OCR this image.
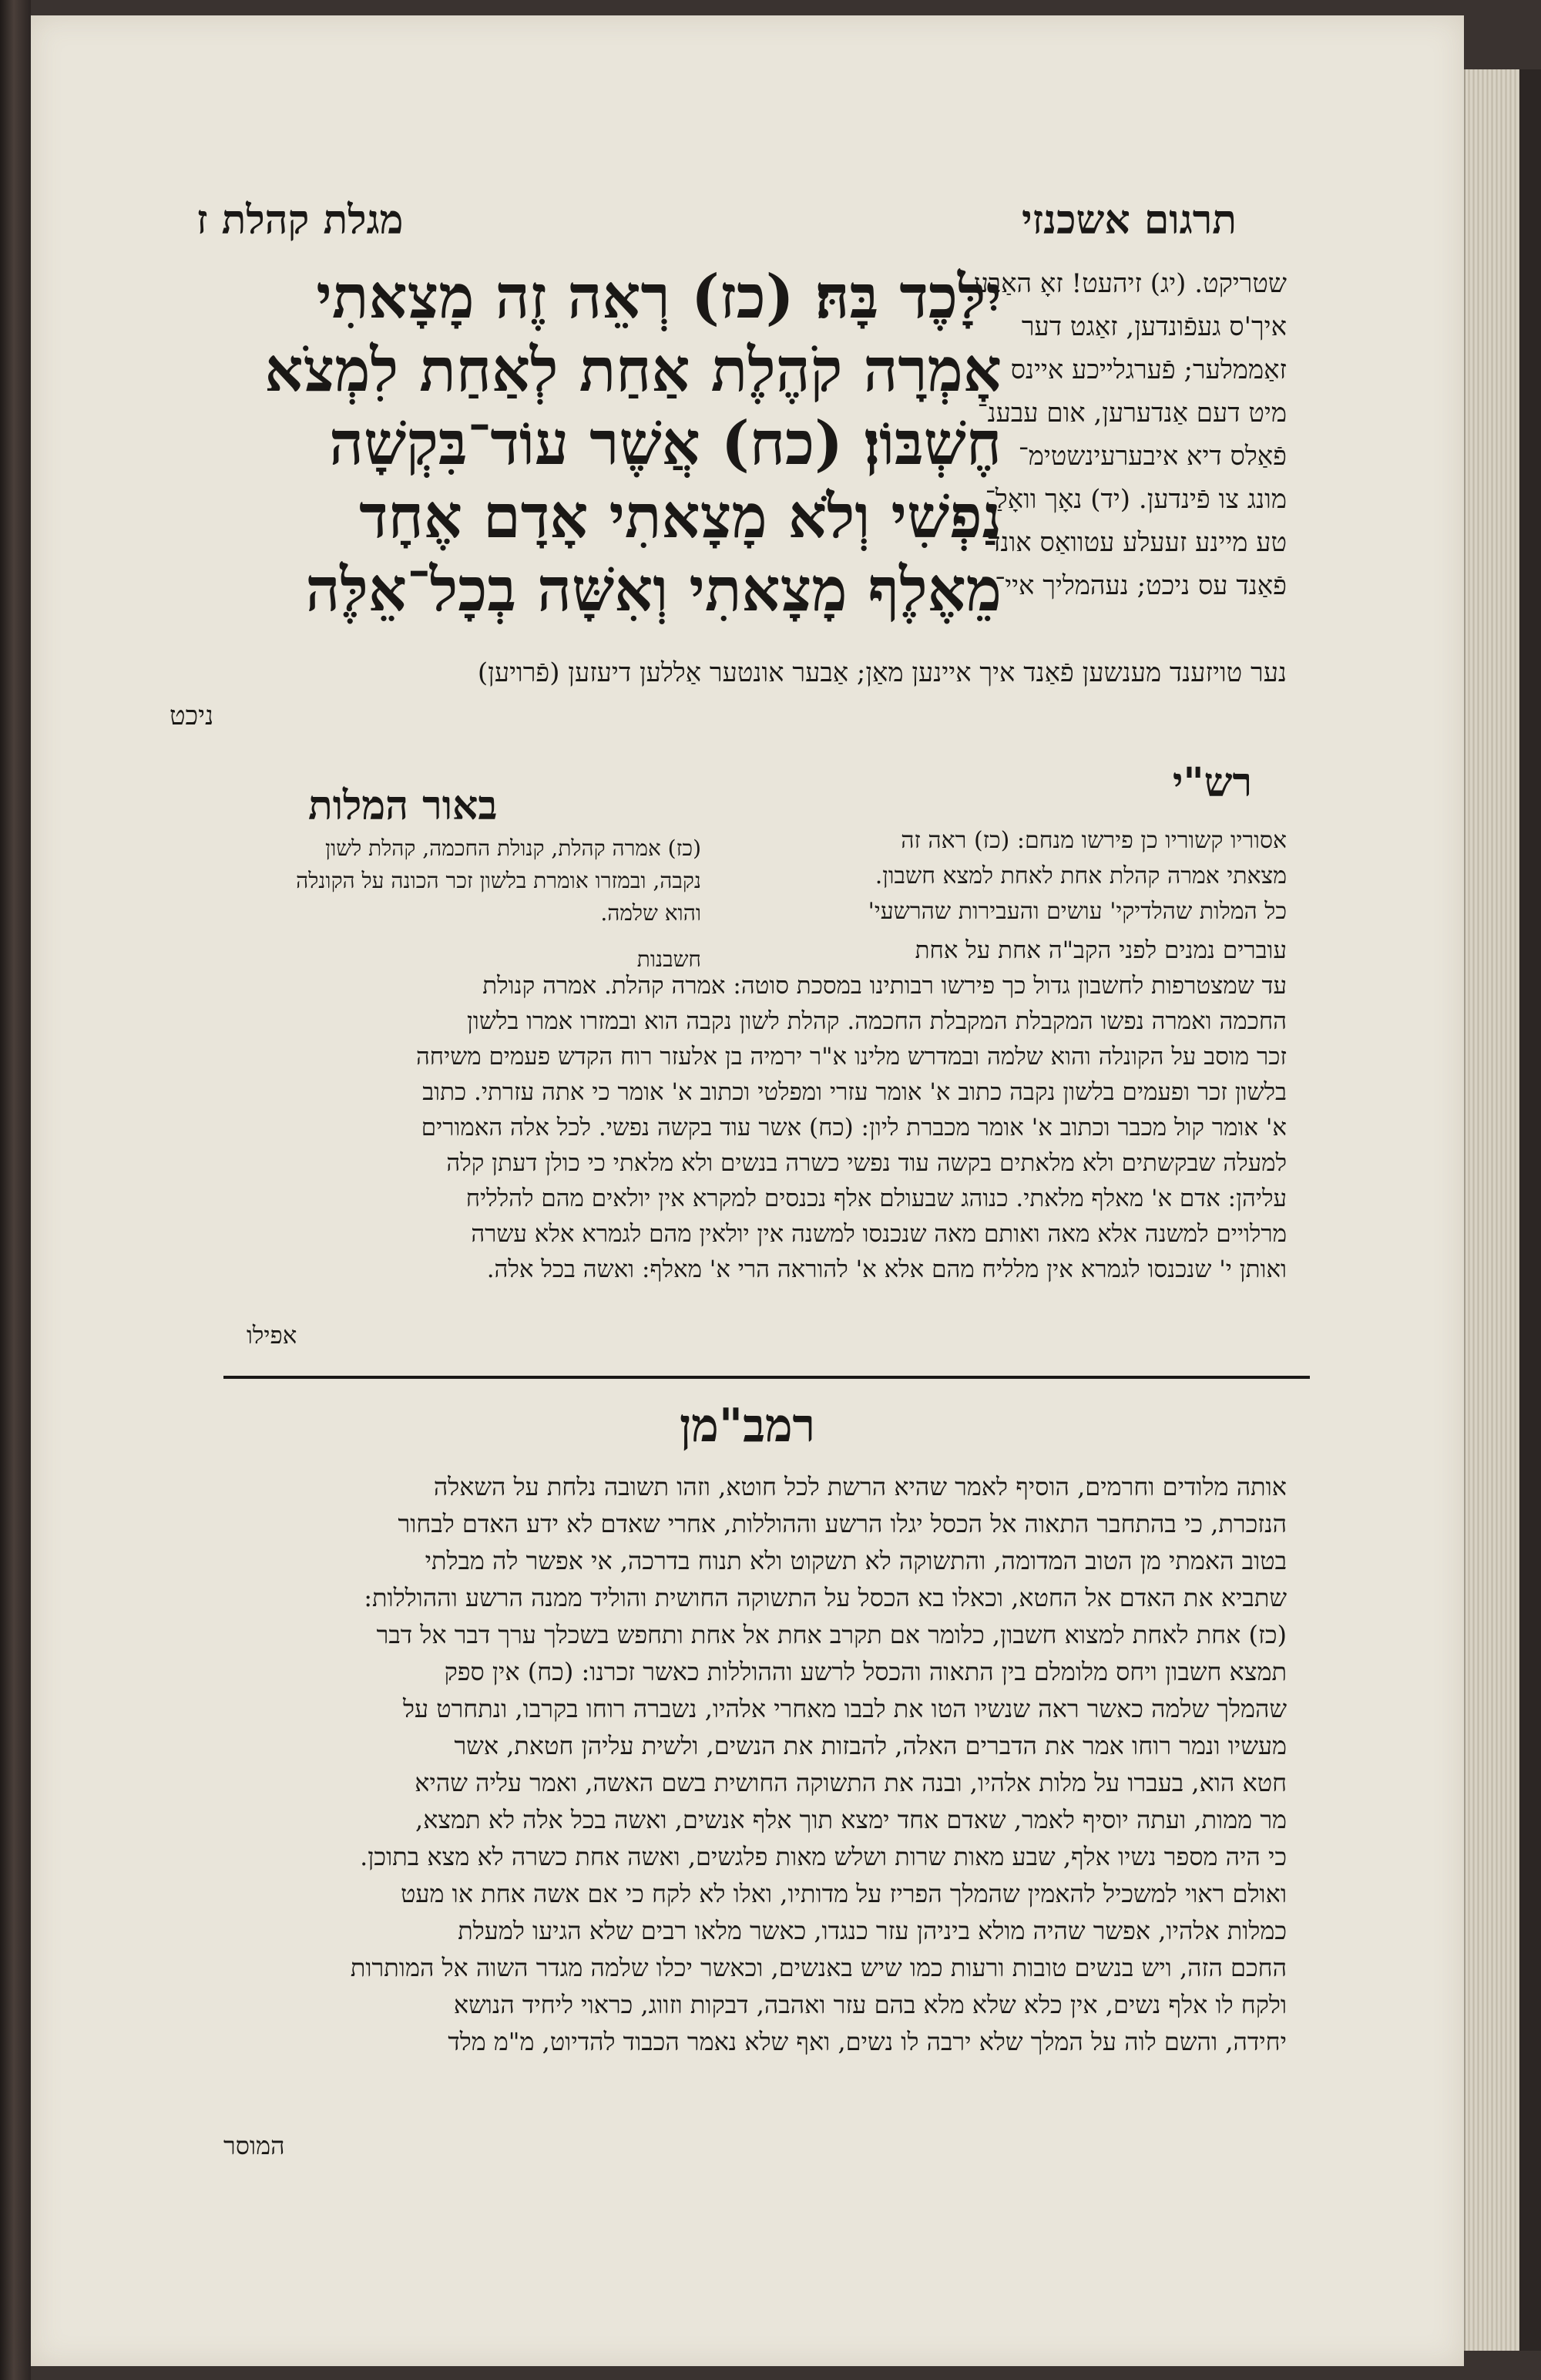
תרגום אשכנזי
מגלת קהלת ז

שטריקט. (יג) זיהעט! זאָ האַבע

איך'ס געפֿונדען, זאַגט דער

זאַממלער; פֿערגלייכע איינס

מיט דעם אַנדערען, אום עבענ־

פֿאַלס דיא איבערעינשטימ־

מונג צו פֿינדען. (יד) נאָך וואָלַ־

טע מיינע זעעלע עטוואַס אונד

פֿאַנד עס ניכט; נעהמליך איי־

יִלָּכֶד בָּהּ׃ (כז) רְאֵה זֶה מָצָאתִי

אָמְרָה קֹהֶלֶת אַחַת לְאַחַת לִמְצֹא

חֶשְׁבּוֹן׃ (כח) אֲשֶׁר עוֹד־בִּקְשָׁה

נַפְשִׁי וְלֹא מָצָאתִי אָדָם אֶחָד

מֵאֶלֶף מָצָאתִי וְאִשָּׁה בְכָל־אֵלֶּה

נער טויזענד מענשען פֿאַנד איך איינען מאַן; אַבער אונטער אַללען דיעזען (פֿרויען)

ניכט

רש"י
באור המלות
אסוריו קשוריו כן פירשו מנחם: (כז) ראה זה
מצאתי אמרה קהלת אחת לאחת למצא חשבון.
כל המלות שהלדיקי' עושים והעבירות שהרשעי'
(כז) אמרה קהלת, קנולת החכמה, קהלת לשון
נקבה, ובמזרו אומרת בלשון זכר הכונה על הקונלה
והוא שלמה.
חשבנות	עוברים נמנים לפני הקב"ה אחת על אחת
עד שמצטרפות לחשבון גדול כך פירשו רבותינו במסכת סוטה: אמרה קהלת. אמרה קנולת
החכמה ואמרה נפשו המקבלת המקבלת החכמה. קהלת לשון נקבה הוא ובמזרו אמרו בלשון
זכר מוסב על הקונלה והוא שלמה ובמדרש מלינו א"ר ירמיה בן אלעזר רוח הקדש פעמים משיחה
בלשון זכר ופעמים בלשון נקבה כתוב א' אומר עזרי ומפלטי וכתוב א' אומר כי אתה עזרתי. כתוב
א' אומר קול מכבר וכתוב א' אומר מכברת ליון: (כח) אשר עוד בקשה נפשי. לכל אלה האמורים
למעלה שבקשתים ולא מלאתים בקשה עוד נפשי כשרה בנשים ולא מלאתי כי כולן דעתן קלה
עליהן: אדם א' מאלף מלאתי. כנוהג שבעולם אלף נכנסים למקרא אין יולאים מהם להלליח
מרלויים למשנה אלא מאה ואותם מאה שנכנסו למשנה אין יולאין מהם לגמרא אלא עשרה
ואותן י' שנכנסו לגמרא אין מלליח מהם אלא א' להוראה הרי א' מאלף: ואשה בכל אלה.
אפילו
רמב"מן
אותה מלודים וחרמים, הוסיף לאמר שהיא הרשת לכל חוטא, וזהו תשובה נלחת על השאלה
הנזכרת, כי בהתחבר התאוה אל הכסל יגלו הרשע וההוללות, אחרי שאדם לא ידע האדם לבחור
בטוב האמתי מן הטוב המדומה, והתשוקה לא תשקוט ולא תנוח בדרכה, אי אפשר לה מבלתי
שתביא את האדם אל החטא, וכאלו בא הכסל על התשוקה החושית והוליד ממנה הרשע וההוללות:
(כז) אחת לאחת למצוא חשבון, כלומר אם תקרב אחת אל אחת ותחפש בשכלך ערך דבר אל דבר
תמצא חשבון ויחס מלומלם בין התאוה והכסל לרשע וההוללות כאשר זכרנו: (כח) אין ספק
שהמלך שלמה כאשר ראה שנשיו הטו את לבבו מאחרי אלהיו, נשברה רוחו בקרבו, ונתחרט על
מעשיו ונמר רוחו אמר את הדברים האלה, להבזות את הנשים, ולשית עליהן חטאת, אשר
חטא הוא, בעברו על מלות אלהיו, ובנה את התשוקה החושית בשם האשה, ואמר עליה שהיא
מר ממות, ועתה יוסיף לאמר, שאדם אחד ימצא תוך אלף אנשים, ואשה בכל אלה לא תמצא,
כי היה מספר נשיו אלף, שבע מאות שרות ושלש מאות פלגשים, ואשה אחת כשרה לא מצא בתוכן.
ואולם ראוי למשכיל להאמין שהמלך הפריז על מדותיו, ואלו לא לקח כי אם אשה אחת או מעט
כמלות אלהיו, אפשר שהיה מולא ביניהן עזר כנגדו, כאשר מלאו רבים שלא הגיעו למעלת
החכם הזה, ויש בנשים טובות ורעות כמו שיש באנשים, וכאשר יכלו שלמה מגדר השוה אל המותרות
ולקח לו אלף נשים, אין כלא שלא מלא בהם עזר ואהבה, דבקות וזווג, כראוי ליחיד הנושא
יחידה, והשם לוה על המלך שלא ירבה לו נשים, ואף שלא נאמר הכבוד להדיוט, מ"מ מלד
המוסר
